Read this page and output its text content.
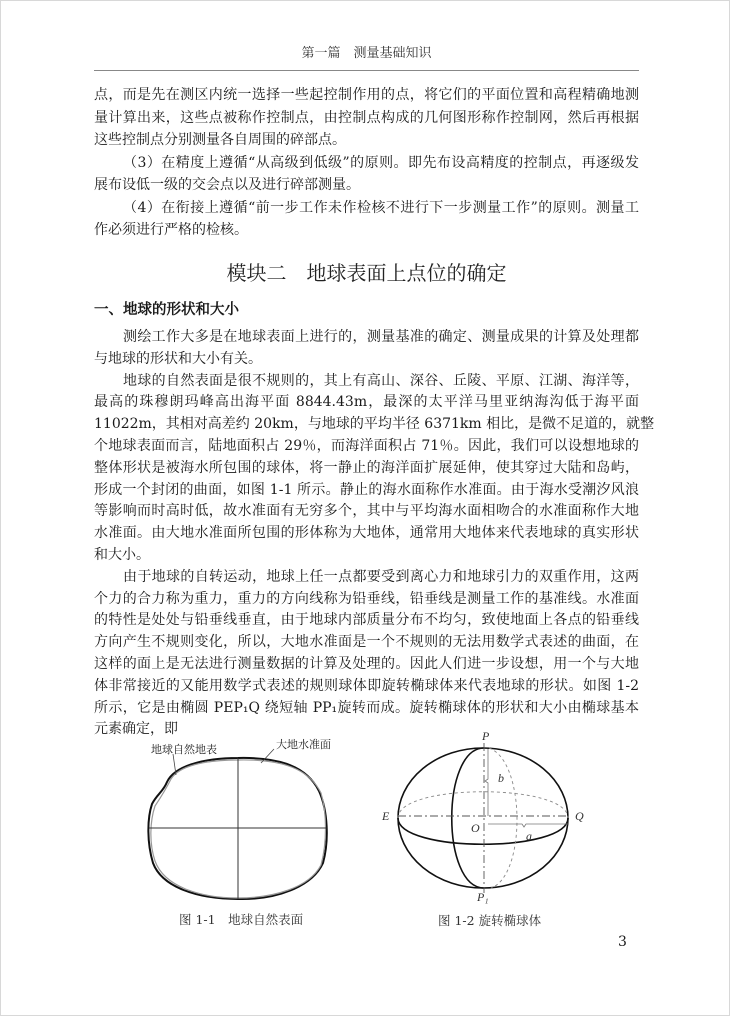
第一篇　测量基础知识
点，而是先在测区内统一选择一些起控制作用的点，将它们的平面位置和高程精确地测
量计算出来，这些点被称作控制点，由控制点构成的几何图形称作控制网，然后再根据
这些控制点分别测量各自周围的碎部点。
（3）在精度上遵循“从高级到低级”的原则。即先布设高精度的控制点，再逐级发
展布设低一级的交会点以及进行碎部测量。
（4）在衔接上遵循“前一步工作未作检核不进行下一步测量工作”的原则。测量工
作必须进行严格的检核。
模块二　地球表面上点位的确定
一、地球的形状和大小
测绘工作大多是在地球表面上进行的，测量基准的确定、测量成果的计算及处理都
与地球的形状和大小有关。
地球的自然表面是很不规则的，其上有高山、深谷、丘陵、平原、江湖、海洋等，
最高的珠穆朗玛峰高出海平面 8844.43m，最深的太平洋马里亚纳海沟低于海平面
11022m，其相对高差约 20km，与地球的平均半径 6371km 相比，是微不足道的，就整
个地球表面而言，陆地面积占 29％，而海洋面积占 71％。因此，我们可以设想地球的
整体形状是被海水所包围的球体，将一静止的海洋面扩展延伸，使其穿过大陆和岛屿，
形成一个封闭的曲面，如图 1-1 所示。静止的海水面称作水准面。由于海水受潮汐风浪
等影响而时高时低，故水准面有无穷多个，其中与平均海水面相吻合的水准面称作大地
水准面。由大地水准面所包围的形体称为大地体，通常用大地体来代表地球的真实形状
和大小。
由于地球的自转运动，地球上任一点都要受到离心力和地球引力的双重作用，这两
个力的合力称为重力，重力的方向线称为铅垂线，铅垂线是测量工作的基准线。水准面
的特性是处处与铅垂线垂直，由于地球内部质量分布不均匀，致使地面上各点的铅垂线
方向产生不规则变化，所以，大地水准面是一个不规则的无法用数学式表述的曲面，在
这样的面上是无法进行测量数据的计算及处理的。因此人们进一步设想，用一个与大地
体非常接近的又能用数学式表述的规则球体即旋转椭球体来代表地球的形状。如图 1-2
所示，它是由椭圆 PEP₁Q 绕短轴 PP₁旋转而成。旋转椭球体的形状和大小由椭球基本
元素确定，即
地球自然地表	大地水准面
图 1-1　地球自然表面
P
P₁
E	Q
O
a
b
图 1-2 旋转椭球体
3
